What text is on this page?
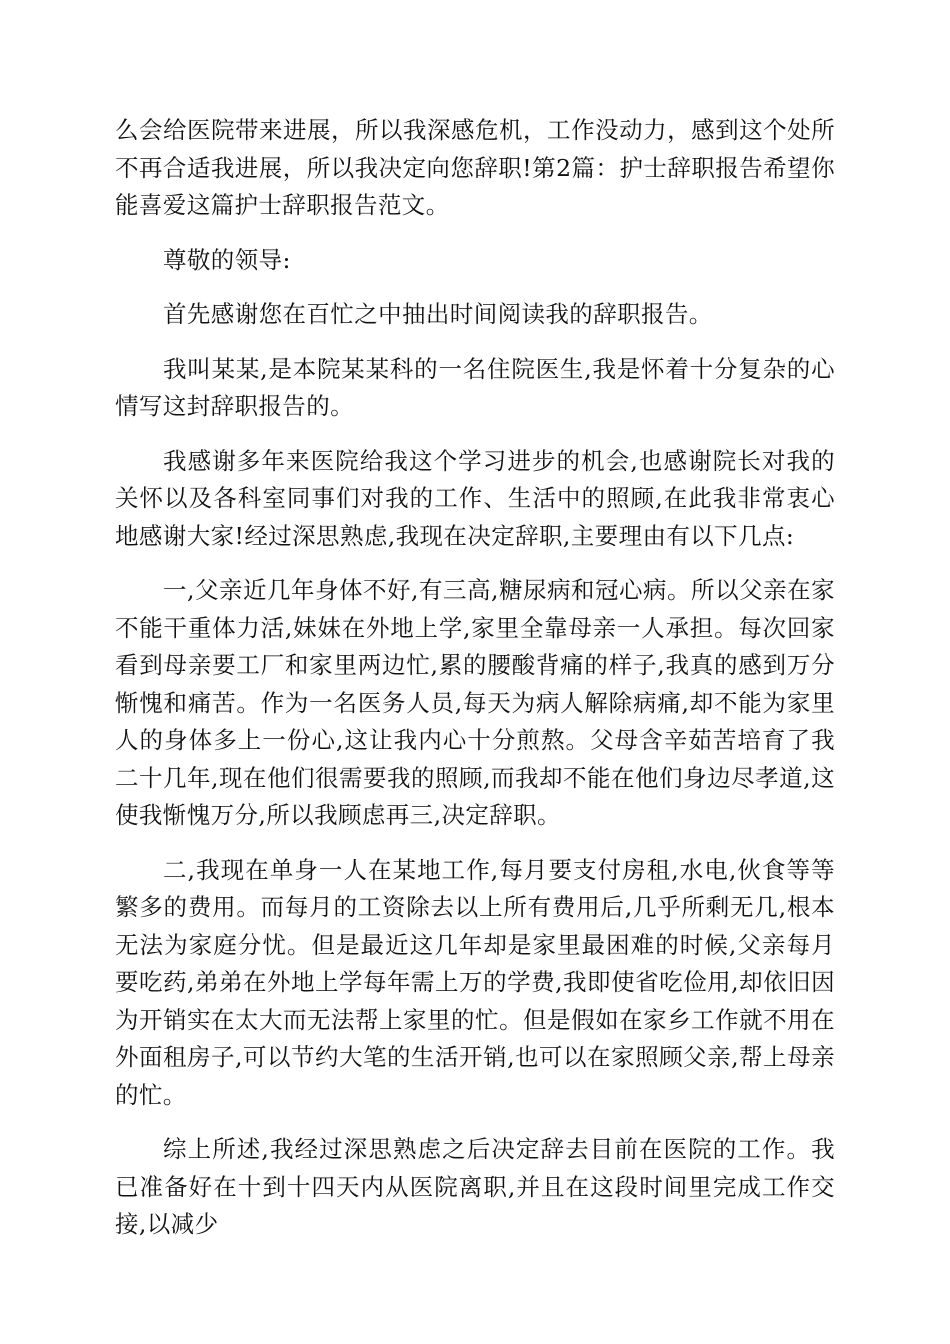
么会给医院带来进展，所以我深感危机，工作没动力，感到这个处所不再合适我进展，所以我决定向您辞职!第2篇：护士辞职报告希望你能喜爱这篇护士辞职报告范文。

尊敬的领导:

首先感谢您在百忙之中抽出时间阅读我的辞职报告。

我叫某某,是本院某某科的一名住院医生,我是怀着十分复杂的心情写这封辞职报告的。

我感谢多年来医院给我这个学习进步的机会,也感谢院长对我的关怀以及各科室同事们对我的工作、生活中的照顾,在此我非常衷心地感谢大家!经过深思熟虑,我现在决定辞职,主要理由有以下几点:

一,父亲近几年身体不好,有三高,糖尿病和冠心病。所以父亲在家不能干重体力活,妹妹在外地上学,家里全靠母亲一人承担。每次回家看到母亲要工厂和家里两边忙,累的腰酸背痛的样子,我真的感到万分惭愧和痛苦。作为一名医务人员,每天为病人解除病痛,却不能为家里人的身体多上一份心,这让我内心十分煎熬。父母含辛茹苦培育了我二十几年,现在他们很需要我的照顾,而我却不能在他们身边尽孝道,这使我惭愧万分,所以我顾虑再三,决定辞职。

二,我现在单身一人在某地工作,每月要支付房租,水电,伙食等等繁多的费用。而每月的工资除去以上所有费用后,几乎所剩无几,根本无法为家庭分忧。但是最近这几年却是家里最困难的时候,父亲每月要吃药,弟弟在外地上学每年需上万的学费,我即使省吃俭用,却依旧因为开销实在太大而无法帮上家里的忙。但是假如在家乡工作就不用在外面租房子,可以节约大笔的生活开销,也可以在家照顾父亲,帮上母亲的忙。

综上所述,我经过深思熟虑之后决定辞去目前在医院的工作。我已准备好在十到十四天内从医院离职,并且在这段时间里完成工作交接,以减少
